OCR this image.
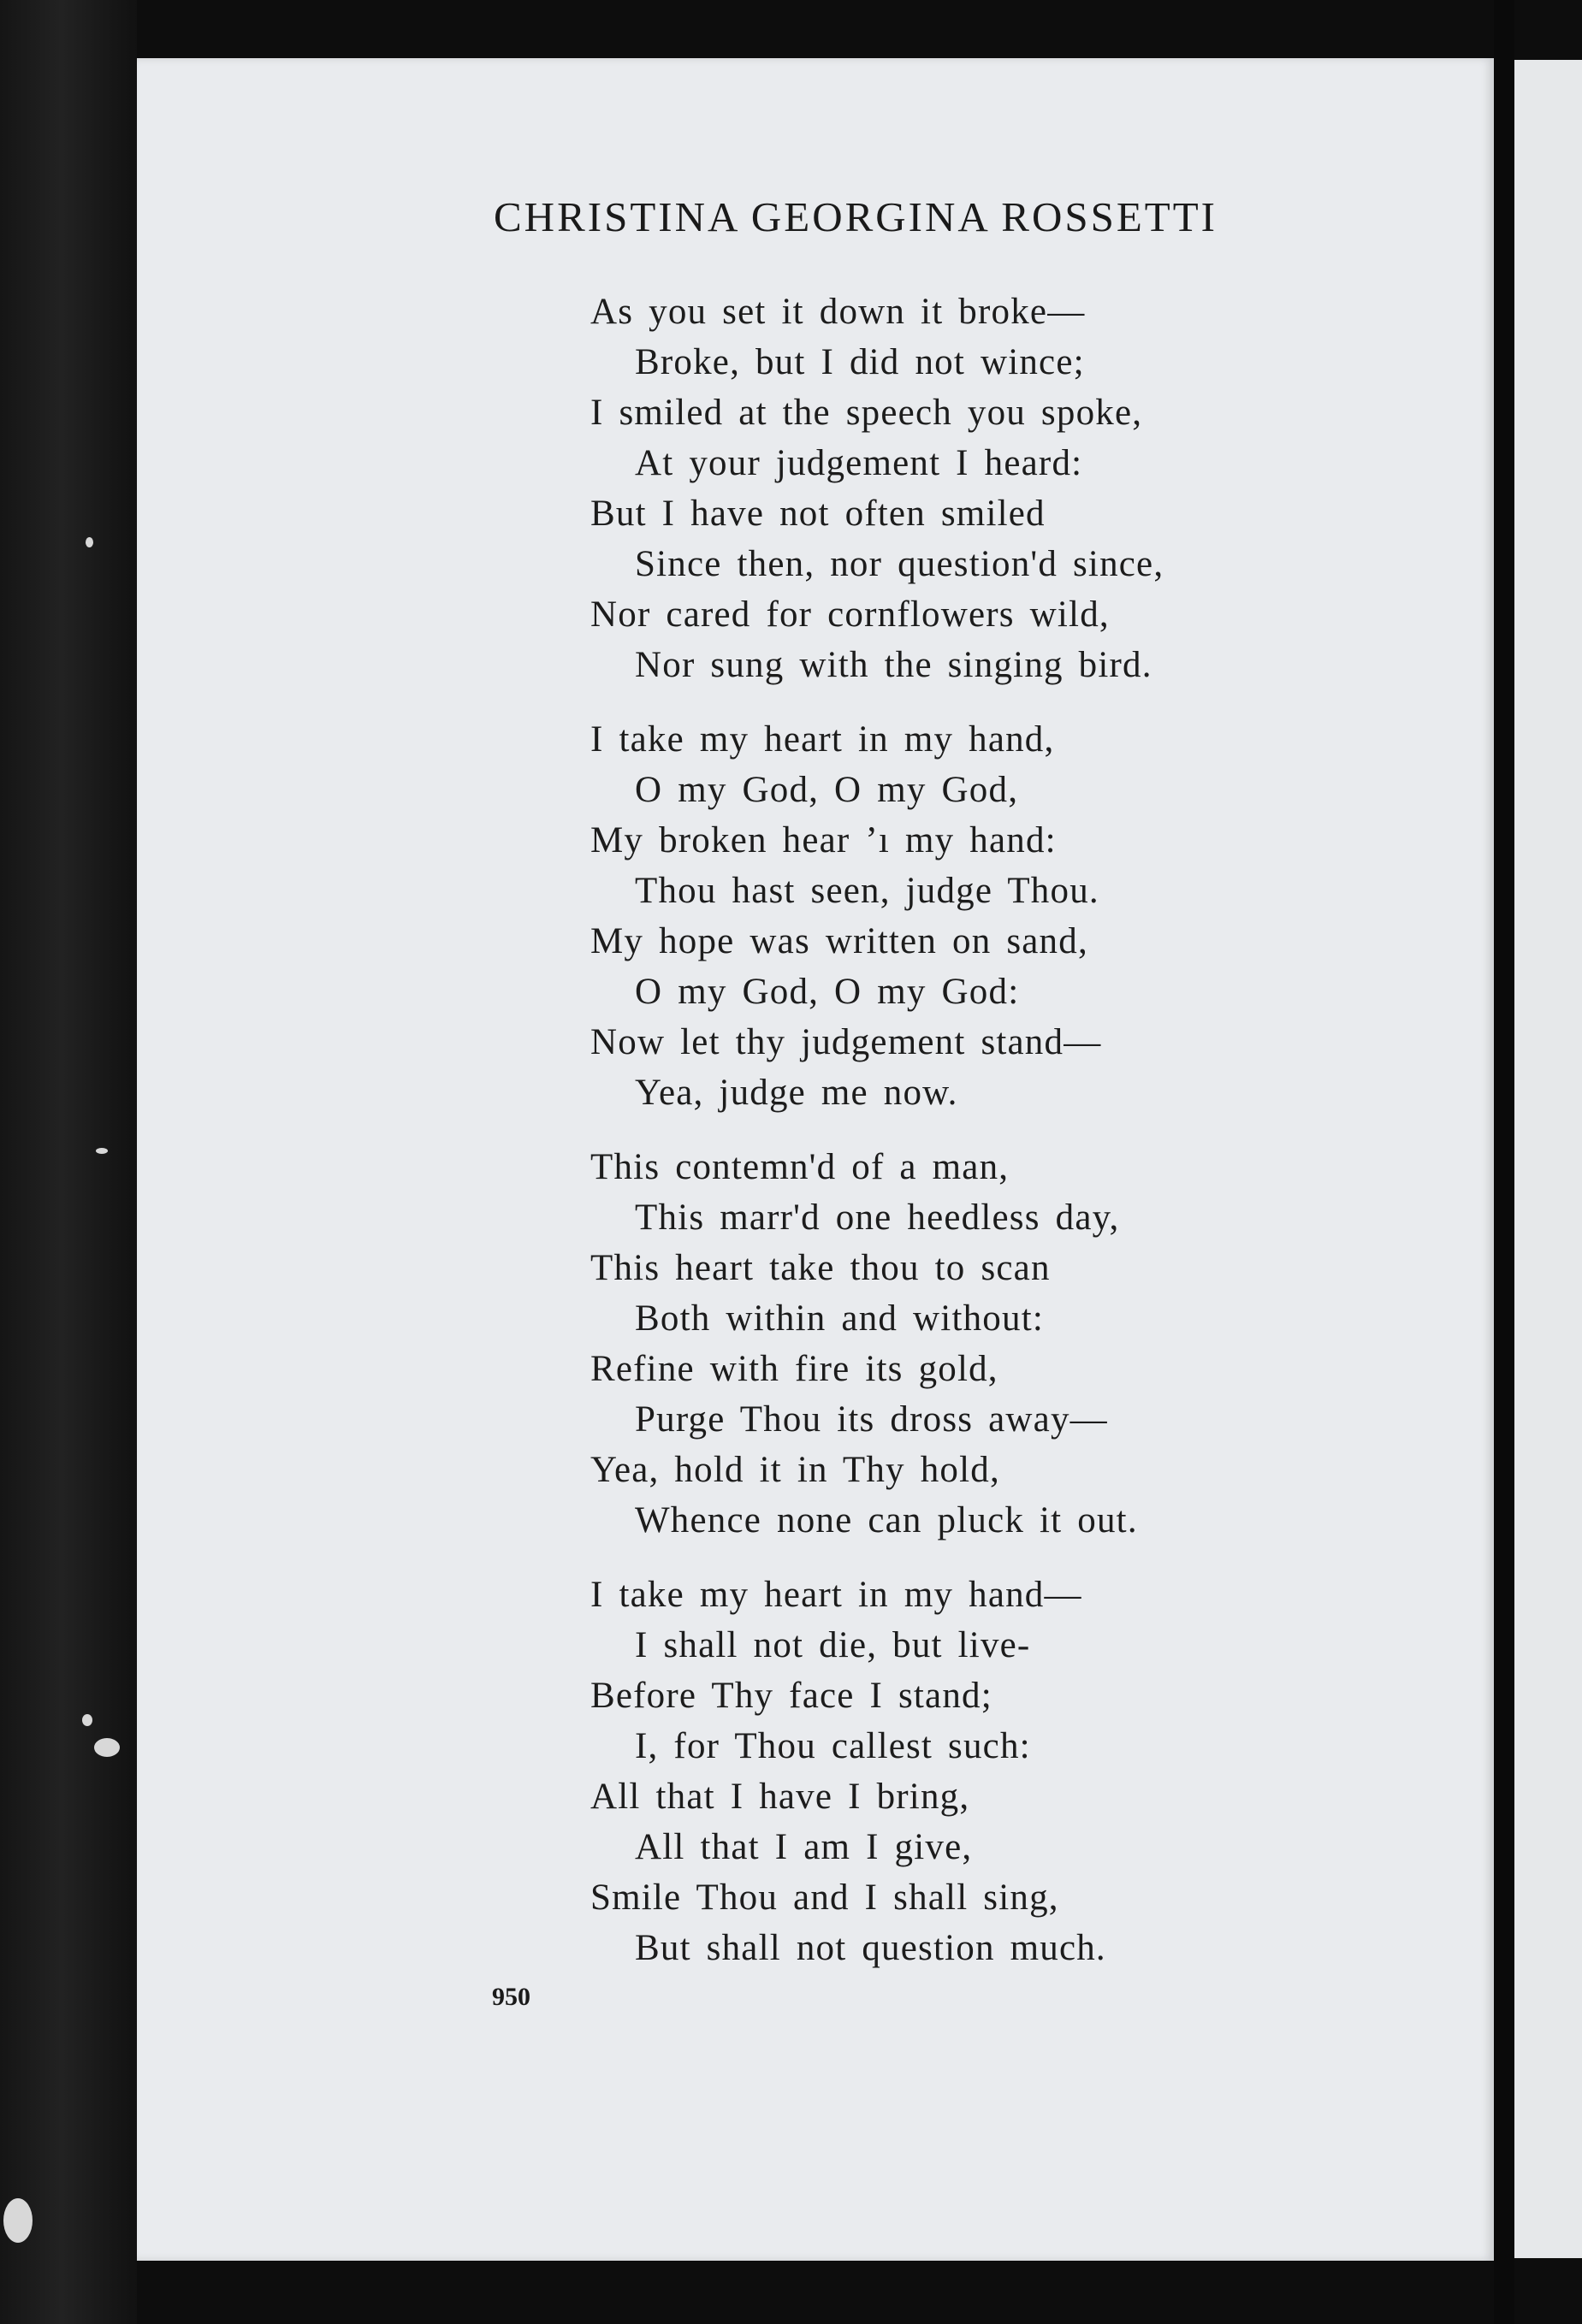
CHRISTINA GEORGINA ROSSETTI
As you set it down it broke—
Broke, but I did not wince;
I smiled at the speech you spoke,
At your judgement I heard:
But I have not often smiled
Since then, nor question'd since,
Nor cared for cornflowers wild,
Nor sung with the singing bird.
I take my heart in my hand,
O my God, O my God,
My broken hear ʼı my hand:
Thou hast seen, judge Thou.
My hope was written on sand,
O my God, O my God:
Now let thy judgement stand—
Yea, judge me now.
This contemn'd of a man,
This marr'd one heedless day,
This heart take thou to scan
Both within and without:
Refine with fire its gold,
Purge Thou its dross away—
Yea, hold it in Thy hold,
Whence none can pluck it out.
I take my heart in my hand—
I shall not die, but live-
Before Thy face I stand;
I, for Thou callest such:
All that I have I bring,
All that I am I give,
Smile Thou and I shall sing,
But shall not question much.
950
